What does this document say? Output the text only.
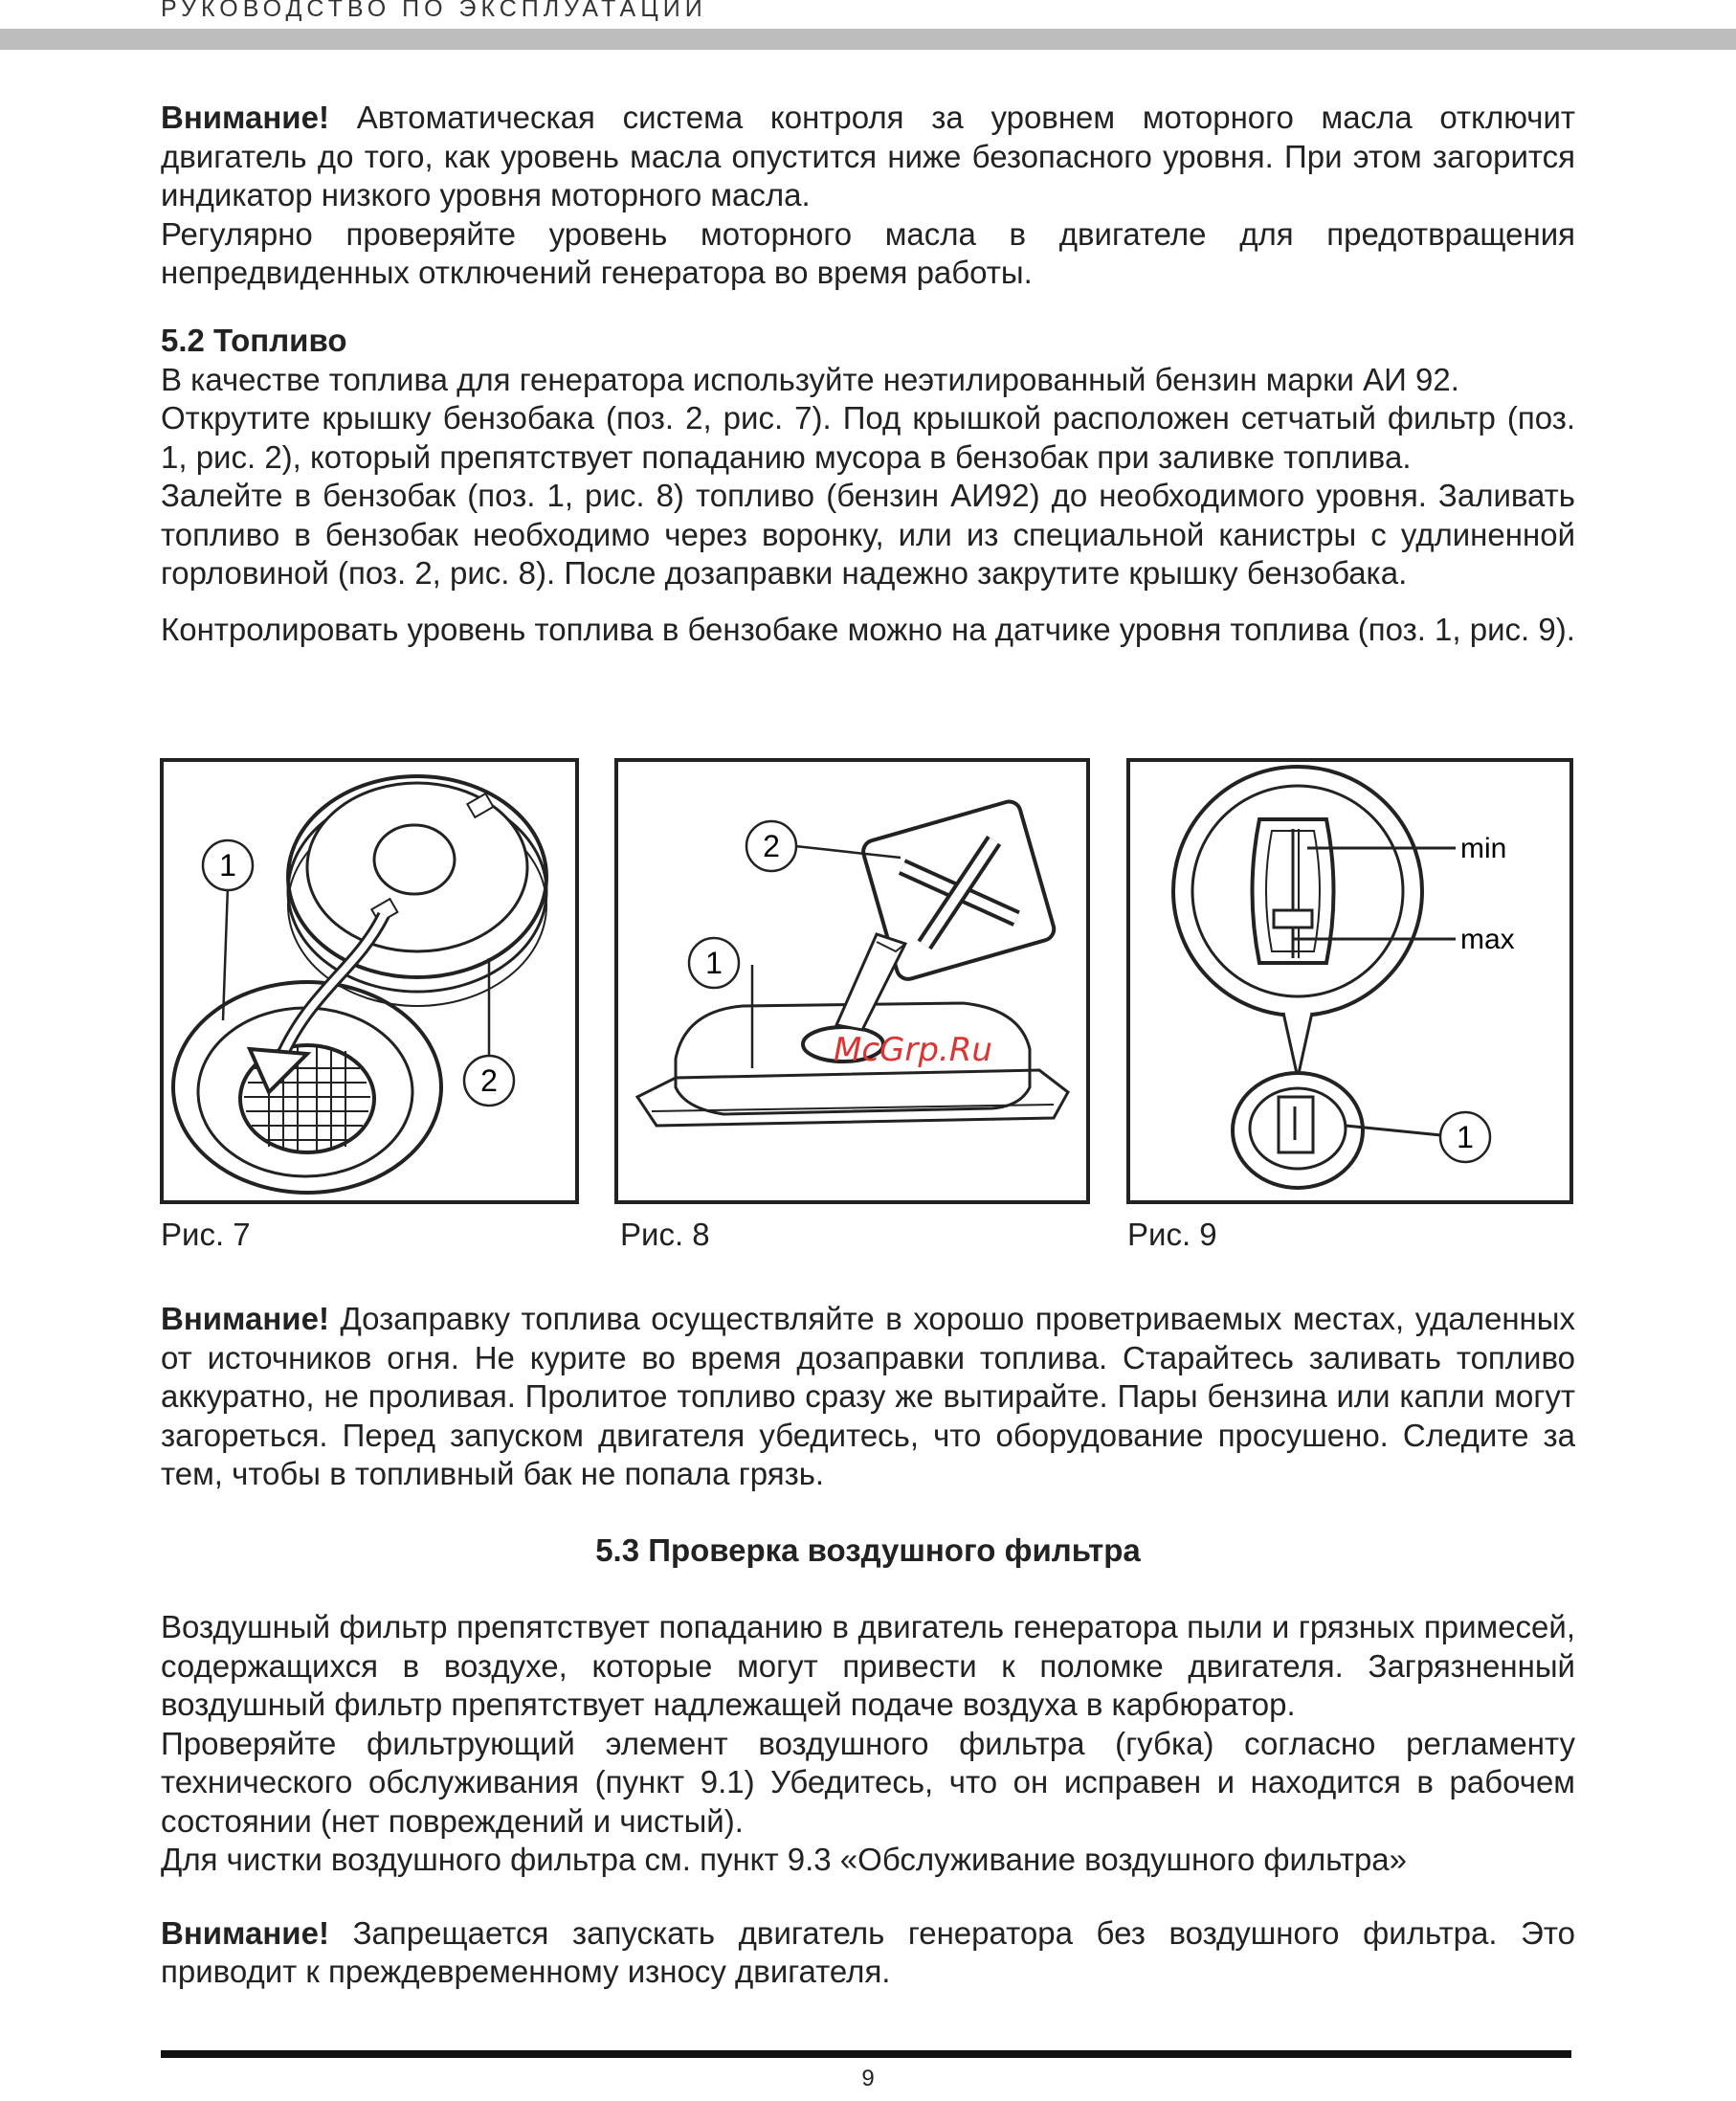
РУКОВОДСТВО ПО ЭКСПЛУАТАЦИИ

Внимание! Автоматическая система контроля за уровнем моторного масла отключит двигатель до того, как уровень масла опустится ниже безопасного уровня. При этом загорится индикатор низкого уровня моторного масла.

Регулярно проверяйте уровень моторного масла в двигателе для предотвращения непредвиденных отключений генератора во время работы.

5.2 Топливо

В качестве топлива для генератора используйте неэтилированный бензин марки АИ 92.

Открутите крышку бензобака (поз. 2, рис. 7). Под крышкой расположен сетчатый фильтр (поз. 1, рис. 2), который препятствует попаданию мусора в бензобак при заливке топлива.

Залейте в бензобак (поз. 1, рис. 8) топливо (бензин АИ92) до необходимого уровня. Заливать топливо в бензобак необходимо через воронку, или из специальной канистры с удлиненной горловиной (поз. 2, рис. 8). После дозаправки надежно закрутите крышку бензобака.

Контролировать уровень топлива в бензобаке можно на датчике уровня топлива (поз. 1, рис. 9).

1
2
2
1
McGrp.Ru
min
max
1
Рис. 7	Рис. 8	Рис. 9

Внимание! Дозаправку топлива осуществляйте в хорошо проветриваемых местах, удаленных от источников огня. Не курите во время дозаправки топлива. Старайтесь заливать топливо аккуратно, не проливая. Пролитое топливо сразу же вытирайте. Пары бензина или капли могут загореться. Перед запуском двигателя убедитесь, что оборудование просушено. Следите за тем, чтобы в топливный бак не попала грязь.

5.3 Проверка воздушного фильтра

Воздушный фильтр препятствует попаданию в двигатель генератора пыли и грязных примесей, содержащихся в воздухе, которые могут привести к поломке двигателя. Загрязненный воздушный фильтр препятствует надлежащей подаче воздуха в карбюратор.

Проверяйте фильтрующий элемент воздушного фильтра (губка) согласно регламенту технического обслуживания (пункт 9.1) Убедитесь, что он исправен и находится в рабочем состоянии (нет повреждений и чистый).

Для чистки воздушного фильтра см. пункт 9.3 «Обслуживание воздушного фильтра»

Внимание! Запрещается запускать двигатель генератора без воздушного фильтра. Это приводит к преждевременному износу двигателя.

9
